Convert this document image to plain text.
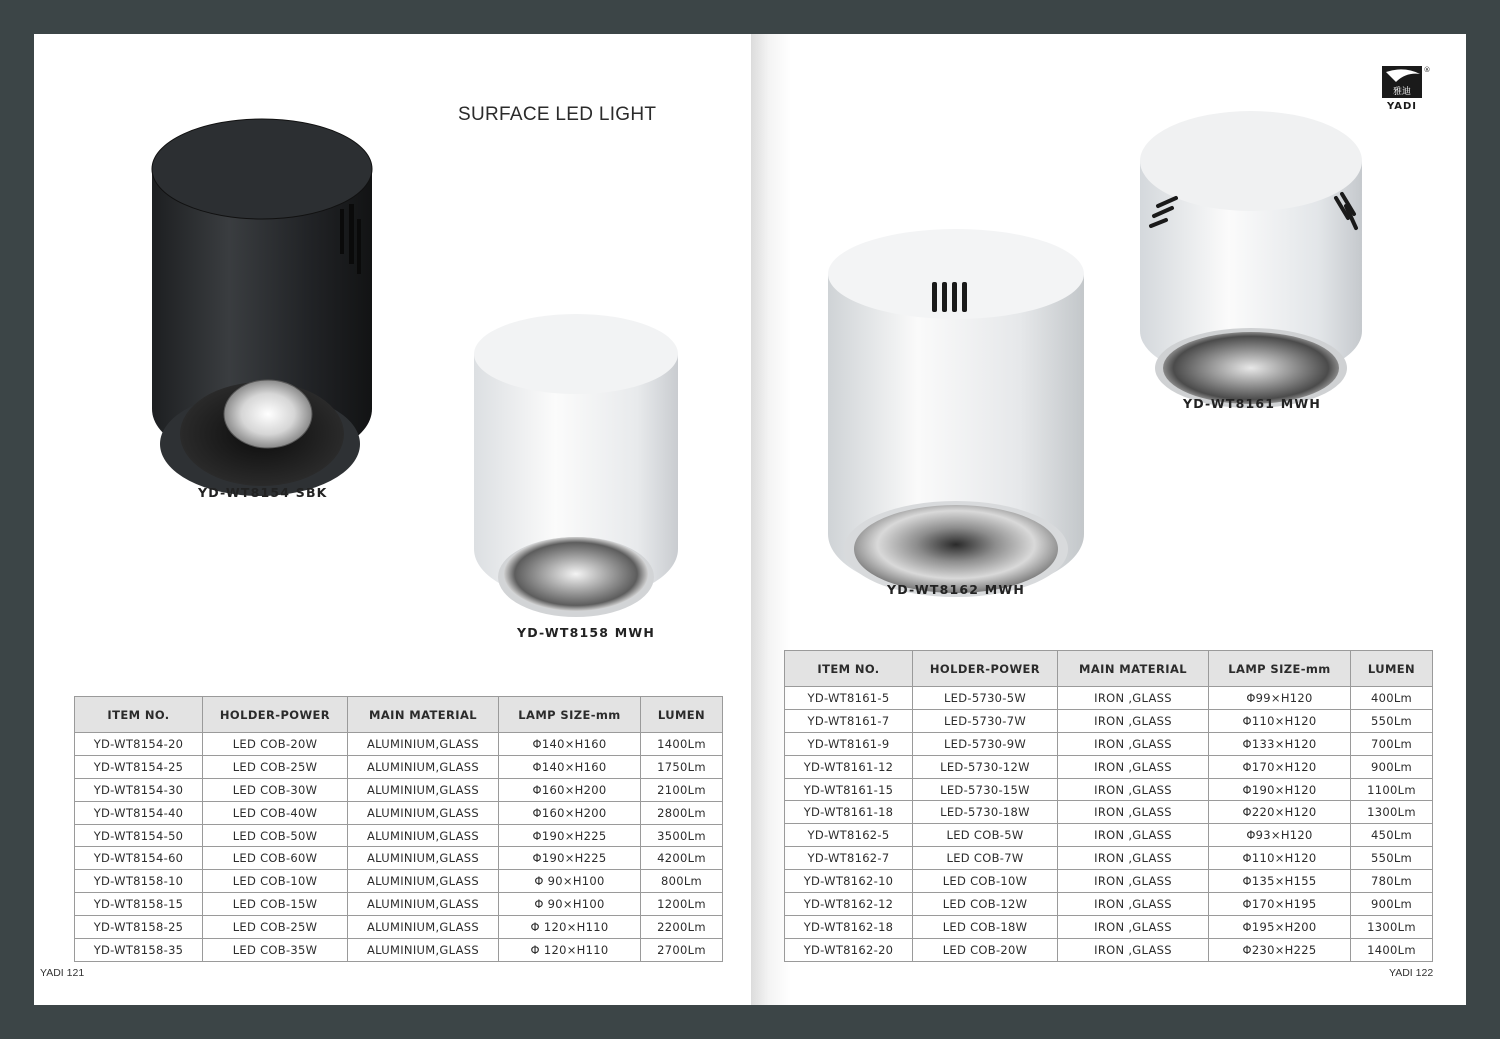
SURFACE LED LIGHT
YD-WT8154 SBK
YD-WT8158 MWH
ITEM NO.	HOLDER-POWER	MAIN MATERIAL	LAMP SIZE-mm	LUMEN
YD-WT8154-20	LED COB-20W	ALUMINIUM,GLASS	Φ140×H160	1400Lm
YD-WT8154-25	LED COB-25W	ALUMINIUM,GLASS	Φ140×H160	1750Lm
YD-WT8154-30	LED COB-30W	ALUMINIUM,GLASS	Φ160×H200	2100Lm
YD-WT8154-40	LED COB-40W	ALUMINIUM,GLASS	Φ160×H200	2800Lm
YD-WT8154-50	LED COB-50W	ALUMINIUM,GLASS	Φ190×H225	3500Lm
YD-WT8154-60	LED COB-60W	ALUMINIUM,GLASS	Φ190×H225	4200Lm
YD-WT8158-10	LED COB-10W	ALUMINIUM,GLASS	Φ 90×H100	800Lm
YD-WT8158-15	LED COB-15W	ALUMINIUM,GLASS	Φ 90×H100	1200Lm
YD-WT8158-25	LED COB-25W	ALUMINIUM,GLASS	Φ 120×H110	2200Lm
YD-WT8158-35	LED COB-35W	ALUMINIUM,GLASS	Φ 120×H110	2700Lm
YADI 121
雅迪
YADI
®
YD-WT8162 MWH
YD-WT8161 MWH
ITEM NO.	HOLDER-POWER	MAIN MATERIAL	LAMP SIZE-mm	LUMEN
YD-WT8161-5	LED-5730-5W	IRON ,GLASS	Φ99×H120	400Lm
YD-WT8161-7	LED-5730-7W	IRON ,GLASS	Φ110×H120	550Lm
YD-WT8161-9	LED-5730-9W	IRON ,GLASS	Φ133×H120	700Lm
YD-WT8161-12	LED-5730-12W	IRON ,GLASS	Φ170×H120	900Lm
YD-WT8161-15	LED-5730-15W	IRON ,GLASS	Φ190×H120	1100Lm
YD-WT8161-18	LED-5730-18W	IRON ,GLASS	Φ220×H120	1300Lm
YD-WT8162-5	LED COB-5W	IRON ,GLASS	Φ93×H120	450Lm
YD-WT8162-7	LED COB-7W	IRON ,GLASS	Φ110×H120	550Lm
YD-WT8162-10	LED COB-10W	IRON ,GLASS	Φ135×H155	780Lm
YD-WT8162-12	LED COB-12W	IRON ,GLASS	Φ170×H195	900Lm
YD-WT8162-18	LED COB-18W	IRON ,GLASS	Φ195×H200	1300Lm
YD-WT8162-20	LED COB-20W	IRON ,GLASS	Φ230×H225	1400Lm
YADI 122
